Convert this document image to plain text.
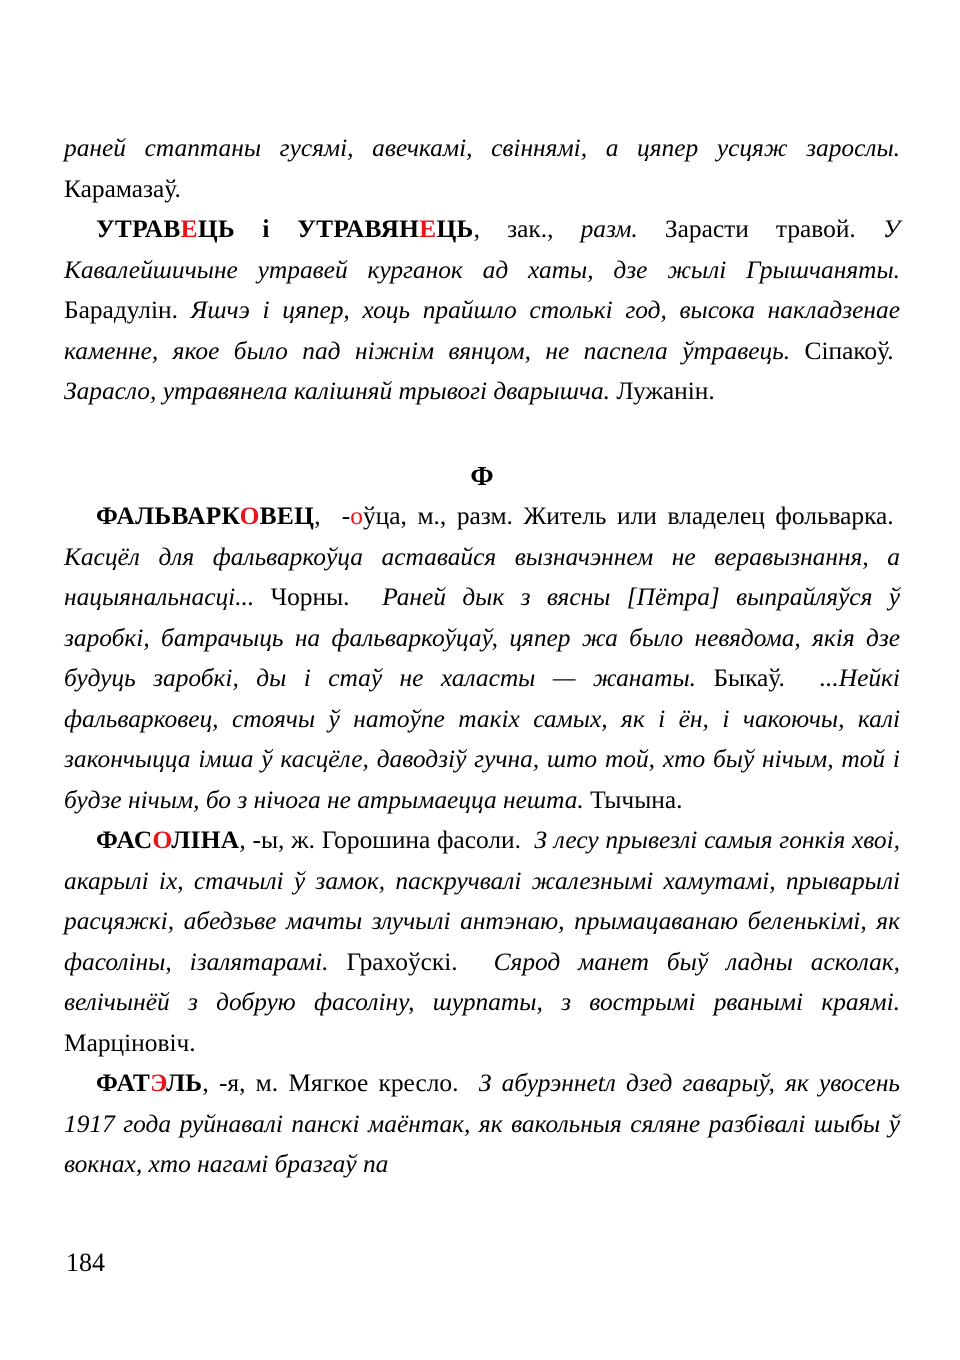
раней стаптаны гусямі, авечкамі, свіннямі, а цяпер усцяж зарослы. Карамазаў.

УТРАВЕЦЬ і УТРАВЯНЕЦЬ, зак., разм. Зарасти травой. У Кавалейшичыне утравей курганок ад хаты, дзе жылі Грышчаняты. Барадулін. Яшчэ і цяпер, хоць прайшло столькі год, высока накладзенае каменне, якое было пад ніжнім вянцом, не паспела ўтравець. Сіпакоў.  Зарасло, утравянела калішняй трывогі дварышча. Лужанін.

Ф

ФАЛЬВАРКОВЕЦ, -оўца, м., разм. Житель или владелец фольварка.  Касцёл для фальваркоўца аставайся вызначэннем не веравызнання, а нацыянальнасці... Чорны. Раней дык з вясны [Пётра] выпрайляўся ў заробкі, батрачыць на фальваркоўцаў, цяпер жа было невядома, якія дзе будуць заробкі, ды і стаў не халасты — жанаты. Быкаў. ...Нейкі фальварковец, стоячы ў натоўпе такіх самых, як і ён, і чакоючы, калі закончыцца імша ў касцёле, даводзіў гучна, што той, хто быў нічым, той і будзе нічым, бо з нічога не атрымаецца нешта. Тычына.

ФАСОЛІНА, -ы, ж. Горошина фасоли. З лесу прывезлі самыя гонкія хвоі, акарылі іх, стачылі ў замок, паскручвалі жалезнымі хамутамі, прыварылі расцяжкі, абедзьве мачты злучылі антэнаю, прымацаванаю беленькімі, як фасоліны, ізалятарамі. Грахоўскі. Сярод манет быў ладны асколак, велічынёй з добрую фасоліну, шурпаты, з вострымі рванымі краямі. Марціновіч.

ФАТЭЛЬ, -я, м. Мягкое кресло. З абурэннеtл дзед гаварыў, як увосень 1917 года руйнавалі панскі маёнтак, як вакольныя сяляне разбівалі шыбы ў вокнах, хто нагамі бразгаў па

184
